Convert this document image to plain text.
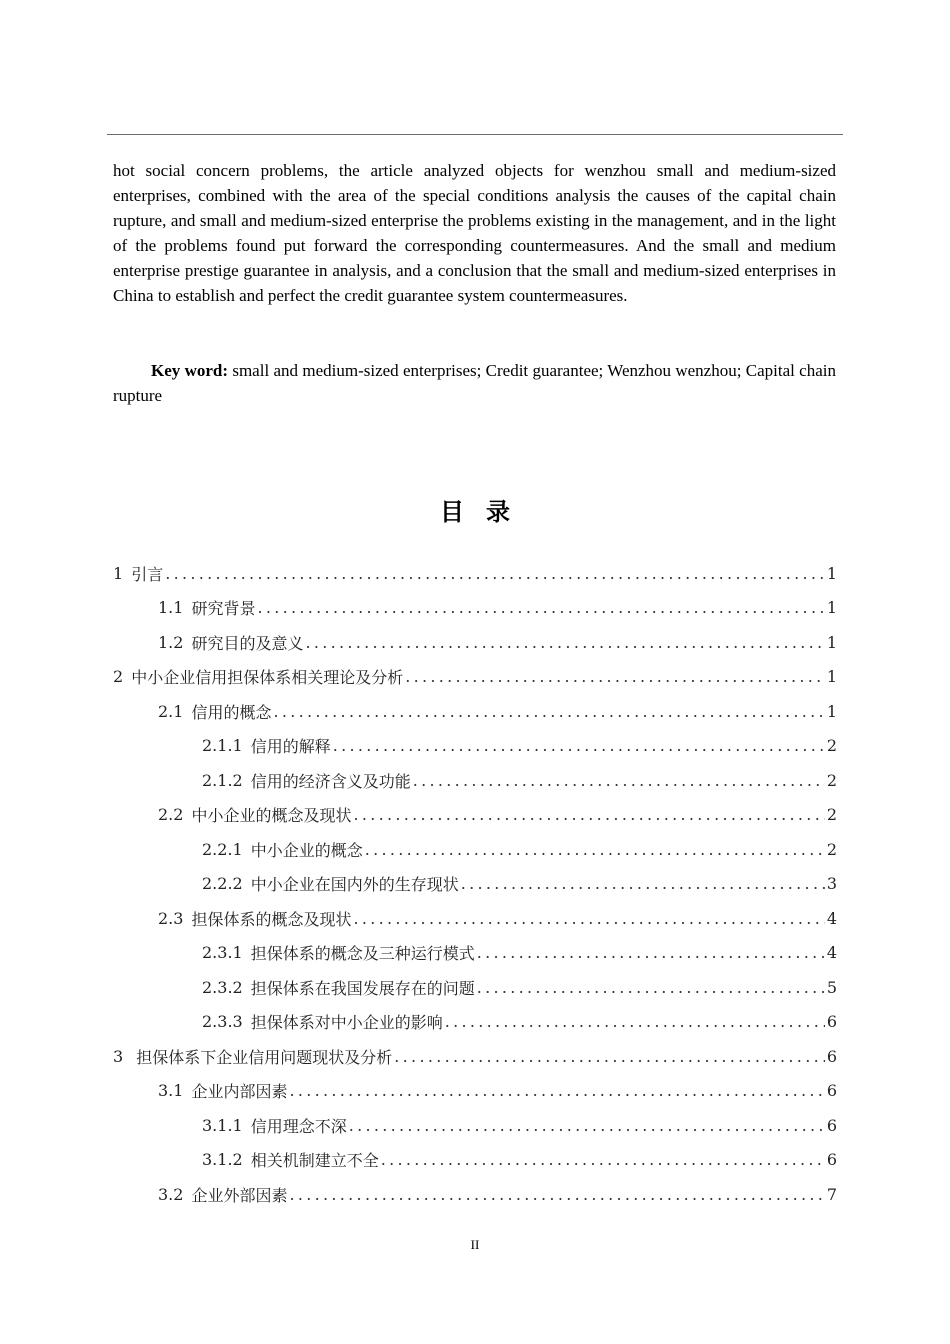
hot social concern problems, the article analyzed objects for wenzhou small and medium-sized enterprises, combined with the area of the special conditions analysis the causes of the capital chain rupture, and small and medium-sized enterprise the problems existing in the management, and in the light of the problems found put forward the corresponding countermeasures. And the small and medium enterprise prestige guarantee in analysis, and a conclusion that the small and medium-sized enterprises in China to establish and perfect the credit guarantee system countermeasures.

Key word: small and medium-sized enterprises; Credit guarantee; Wenzhou wenzhou; Capital chain rupture
目录
1 引言 .....	1
1.1 研究背景 .....	1
1.2 研究目的及意义 .....	1
2 中小企业信用担保体系相关理论及分析 .....	1
2.1 信用的概念 .....	1
2.1.1 信用的解释 .....	2
2.1.2 信用的经济含义及功能 .....	2
2.2 中小企业的概念及现状 .....	2
2.2.1 中小企业的概念 .....	2
2.2.2 中小企业在国内外的生存现状 .....	3
2.3 担保体系的概念及现状 .....	4
2.3.1 担保体系的概念及三种运行模式 .....	4
2.3.2 担保体系在我国发展存在的问题 .....	5
2.3.3 担保体系对中小企业的影响 .....	6
3 担保体系下企业信用问题现状及分析 .....	6
3.1 企业内部因素 .....	6
3.1.1 信用理念不深 .....	6
3.1.2 相关机制建立不全 .....	6
3.2 企业外部因素 .....	7
II
